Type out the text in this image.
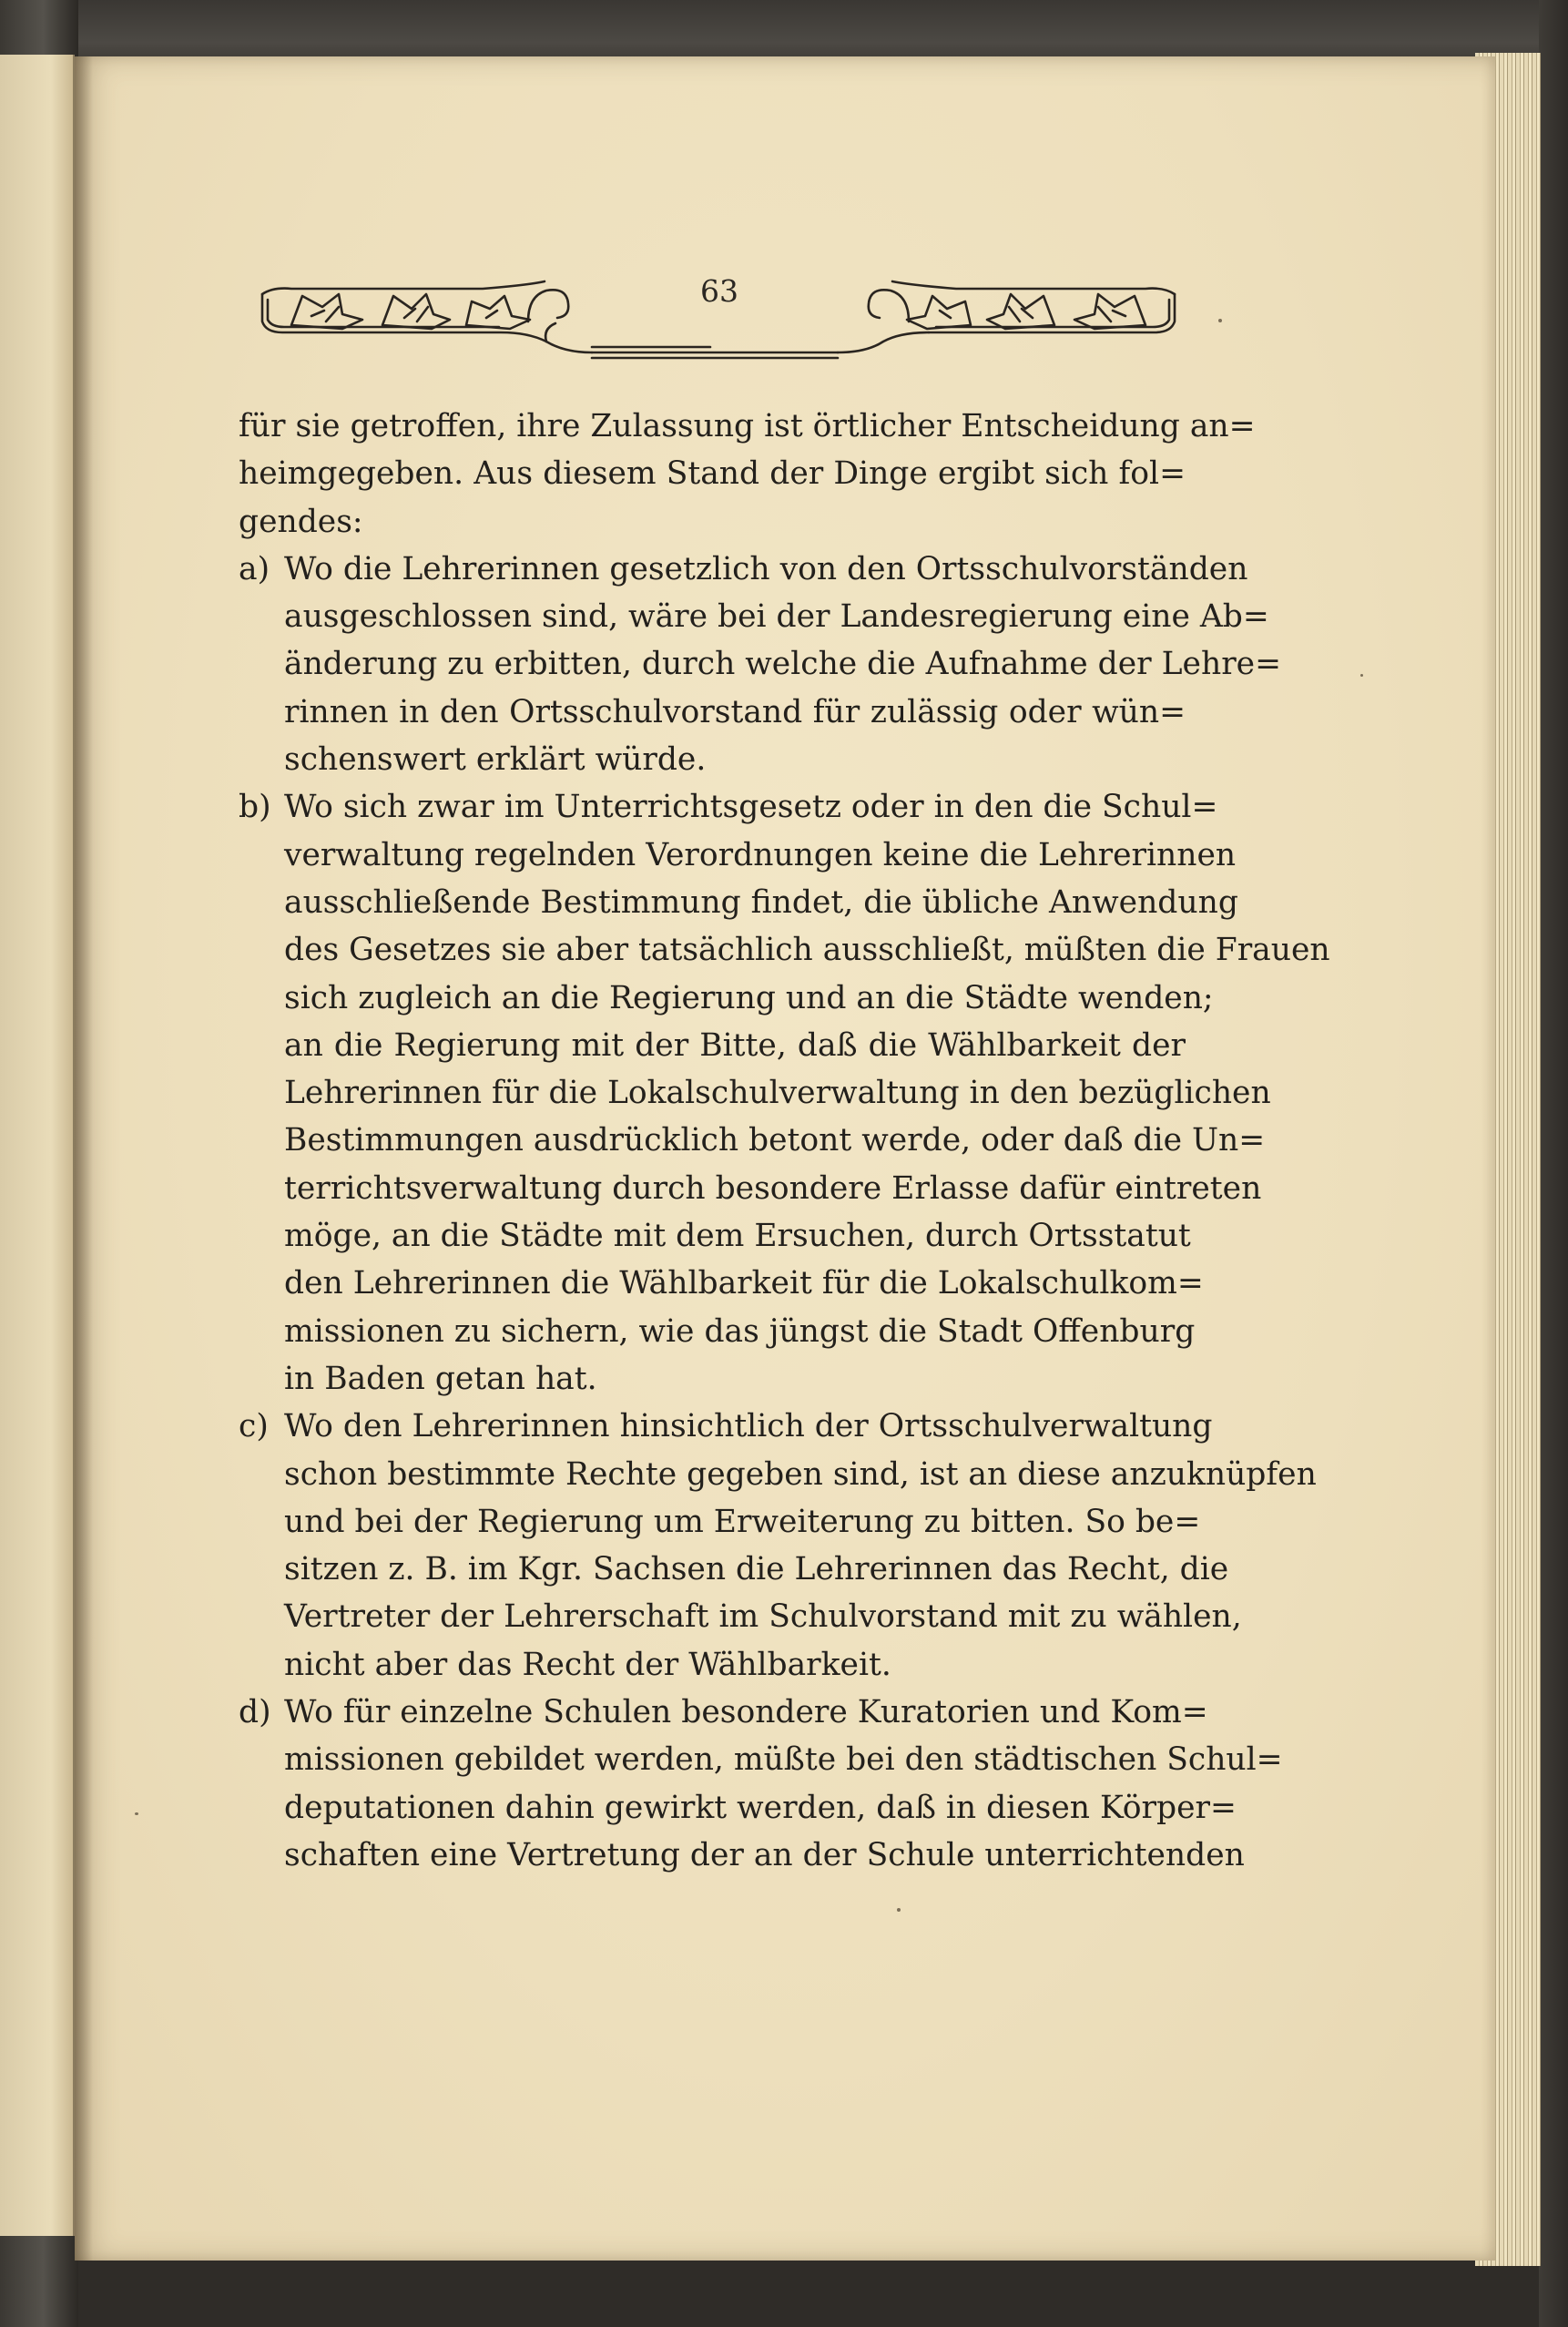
63
für sie getroffen, ihre Zulassung ist örtlicher Entscheidung an=
heimgegeben. Aus diesem Stand der Dinge ergibt sich fol=
gendes:
a) Wo die Lehrerinnen gesetzlich von den Ortsschulvorständen
ausgeschlossen sind, wäre bei der Landesregierung eine Ab=
änderung zu erbitten, durch welche die Aufnahme der Lehre=
rinnen in den Ortsschulvorstand für zulässig oder wün=
schenswert erklärt würde.
b) Wo sich zwar im Unterrichtsgesetz oder in den die Schul=
verwaltung regelnden Verordnungen keine die Lehrerinnen
ausschließende Bestimmung findet, die übliche Anwendung
des Gesetzes sie aber tatsächlich ausschließt, müßten die Frauen
sich zugleich an die Regierung und an die Städte wenden;
an die Regierung mit der Bitte, daß die Wählbarkeit der
Lehrerinnen für die Lokalschulverwaltung in den bezüglichen
Bestimmungen ausdrücklich betont werde, oder daß die Un=
terrichtsverwaltung durch besondere Erlasse dafür eintreten
möge, an die Städte mit dem Ersuchen, durch Ortsstatut
den Lehrerinnen die Wählbarkeit für die Lokalschulkom=
missionen zu sichern, wie das jüngst die Stadt Offenburg
in Baden getan hat.
c) Wo den Lehrerinnen hinsichtlich der Ortsschulverwaltung
schon bestimmte Rechte gegeben sind, ist an diese anzuknüpfen
und bei der Regierung um Erweiterung zu bitten. So be=
sitzen z. B. im Kgr. Sachsen die Lehrerinnen das Recht, die
Vertreter der Lehrerschaft im Schulvorstand mit zu wählen,
nicht aber das Recht der Wählbarkeit.
d) Wo für einzelne Schulen besondere Kuratorien und Kom=
missionen gebildet werden, müßte bei den städtischen Schul=
deputationen dahin gewirkt werden, daß in diesen Körper=
schaften eine Vertretung der an der Schule unterrichtenden
